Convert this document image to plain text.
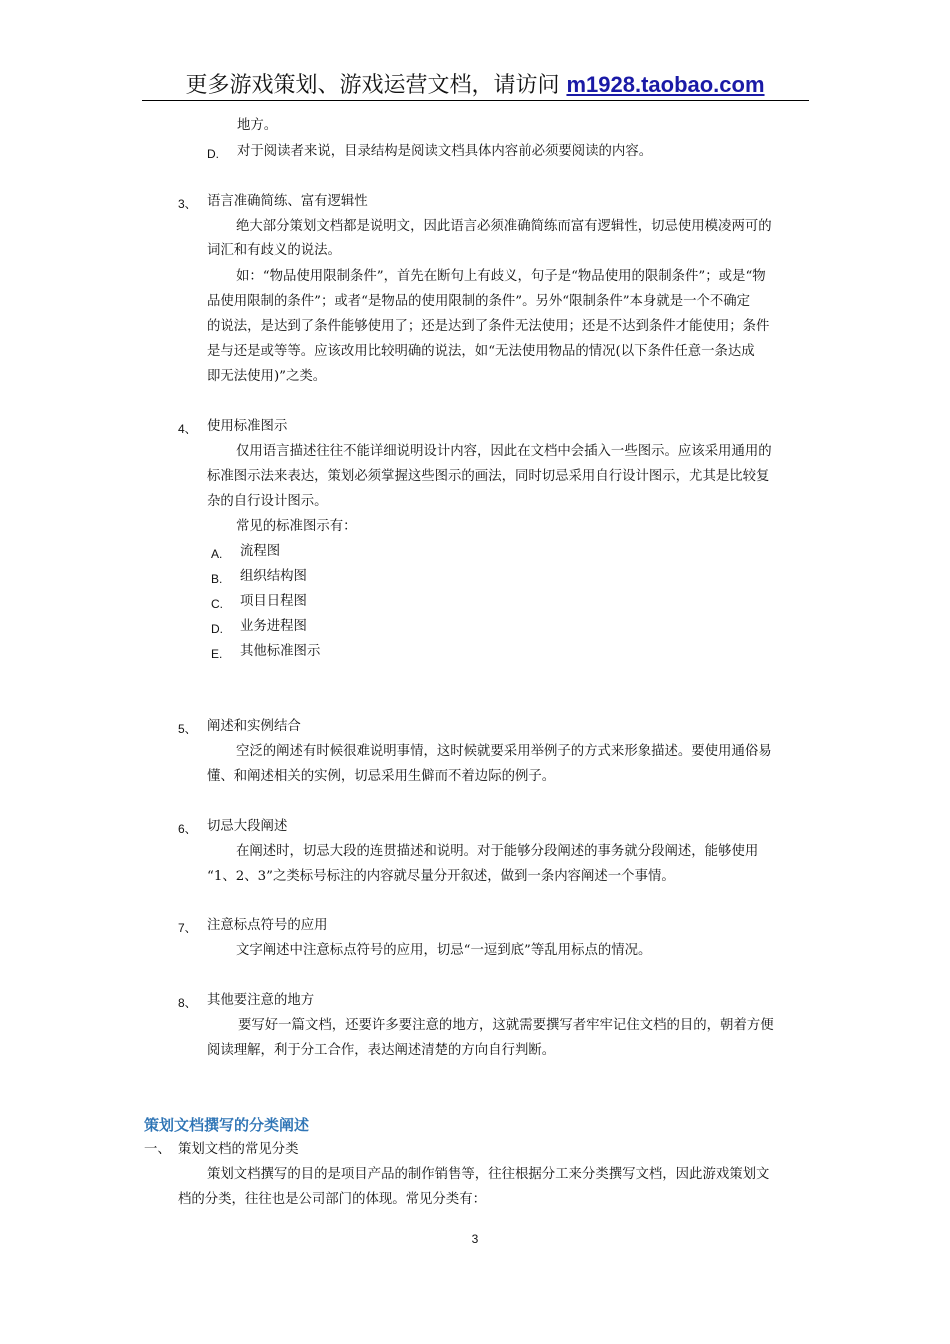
更多游戏策划、游戏运营文档，请访问 m1928.taobao.com
地方。
D. 对于阅读者来说，目录结构是阅读文档具体内容前必须要阅读的内容。
3、 语言准确简练、富有逻辑性
绝大部分策划文档都是说明文，因此语言必须准确简练而富有逻辑性，切忌使用模凌两可的
词汇和有歧义的说法。
如：“物品使用限制条件”，首先在断句上有歧义，句子是“物品使用的限制条件”；或是“物
品使用限制的条件”；或者“是物品的使用限制的条件”。另外“限制条件”本身就是一个不确定
的说法，是达到了条件能够使用了；还是达到了条件无法使用；还是不达到条件才能使用；条件
是与还是或等等。应该改用比较明确的说法，如“无法使用物品的情况(以下条件任意一条达成
即无法使用)”之类。
4、 使用标准图示
仅用语言描述往往不能详细说明设计内容，因此在文档中会插入一些图示。应该采用通用的
标准图示法来表达，策划必须掌握这些图示的画法，同时切忌采用自行设计图示，尤其是比较复
杂的自行设计图示。
常见的标准图示有：
A. 流程图
B. 组织结构图
C. 项目日程图
D. 业务进程图
E. 其他标准图示
5、 阐述和实例结合
空泛的阐述有时候很难说明事情，这时候就要采用举例子的方式来形象描述。要使用通俗易
懂、和阐述相关的实例，切忌采用生僻而不着边际的例子。
6、 切忌大段阐述
在阐述时，切忌大段的连贯描述和说明。对于能够分段阐述的事务就分段阐述，能够使用
“1、2、3”之类标号标注的内容就尽量分开叙述，做到一条内容阐述一个事情。
7、 注意标点符号的应用
文字阐述中注意标点符号的应用，切忌“一逗到底”等乱用标点的情况。
8、 其他要注意的地方
要写好一篇文档，还要许多要注意的地方，这就需要撰写者牢牢记住文档的目的，朝着方便
阅读理解，利于分工合作，表达阐述清楚的方向自行判断。
策划文档撰写的分类阐述
一、 策划文档的常见分类
策划文档撰写的目的是项目产品的制作销售等，往往根据分工来分类撰写文档，因此游戏策划文
档的分类，往往也是公司部门的体现。常见分类有：
3
